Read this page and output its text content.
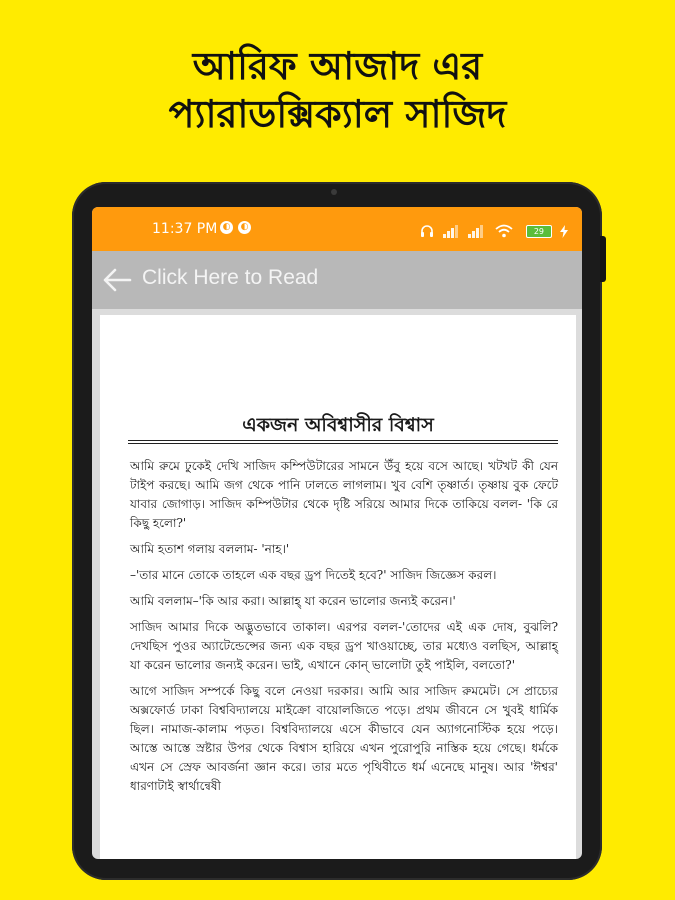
আরিফ আজাদ এর
প্যারাডক্সিক্যাল সাজিদ
11:37 PM ◐ ◐
	29

Click Here to Read
একজন অবিশ্বাসীর বিশ্বাস

আমি রুমে ঢুকেই দেখি সাজিদ কম্পিউটারের সামনে উঁবু হয়ে বসে আছে। খটখট কী যেন টাইপ করছে। আমি জগ থেকে পানি ঢালতে লাগলাম। খুব বেশি তৃষ্ণার্ত। তৃষ্ণায় বুক ফেটে যাবার জোগাড়। সাজিদ কম্পিউটার থেকে দৃষ্টি সরিয়ে আমার দিকে তাকিয়ে বলল- 'কি রে কিছু হলো?'

আমি হতাশ গলায় বললাম- 'নাহ।'

–'তার মানে তোকে তাহলে এক বছর ড্রপ দিতেই হবে?' সাজিদ জিজ্ঞেস করল।

আমি বললাম–'কি আর করা। আল্লাহ্ যা করেন ভালোর জন্যই করেন।'

সাজিদ আমার দিকে অদ্ভুতভাবে তাকাল। এরপর বলল-'তোদের এই এক দোষ, বুঝলি? দেখছিস পুওর অ্যাটেন্ডেন্সের জন্য এক বছর ড্রপ খাওয়াচ্ছে, তার মধ্যেও বলছিস, আল্লাহ্ যা করেন ভালোর জন্যই করেন। ভাই, এখানে কোন্ ভালোটা তুই পাইলি, বলতো?'

আগে সাজিদ সম্পর্কে কিছু বলে নেওয়া দরকার। আমি আর সাজিদ রুমমেট। সে প্রাচ্যের অক্সফোর্ড ঢাকা বিশ্ববিদ্যালয়ে মাইক্রো বায়োলজিতে পড়ে। প্রথম জীবনে সে খুবই ধার্মিক ছিল। নামাজ-কালাম পড়ত। বিশ্ববিদ্যালয়ে এসে কীভাবে যেন অ্যাগনোস্টিক হয়ে পড়ে। আস্তে আস্তে স্রষ্টার উপর থেকে বিশ্বাস হারিয়ে এখন পুরোপুরি নাস্তিক হয়ে গেছে। ধর্মকে এখন সে স্রেফ আবর্জনা জ্ঞান করে। তার মতে পৃথিবীতে ধর্ম এনেছে মানুষ। আর 'ঈশ্বর' ধারণাটাই স্বার্থান্বেষী
